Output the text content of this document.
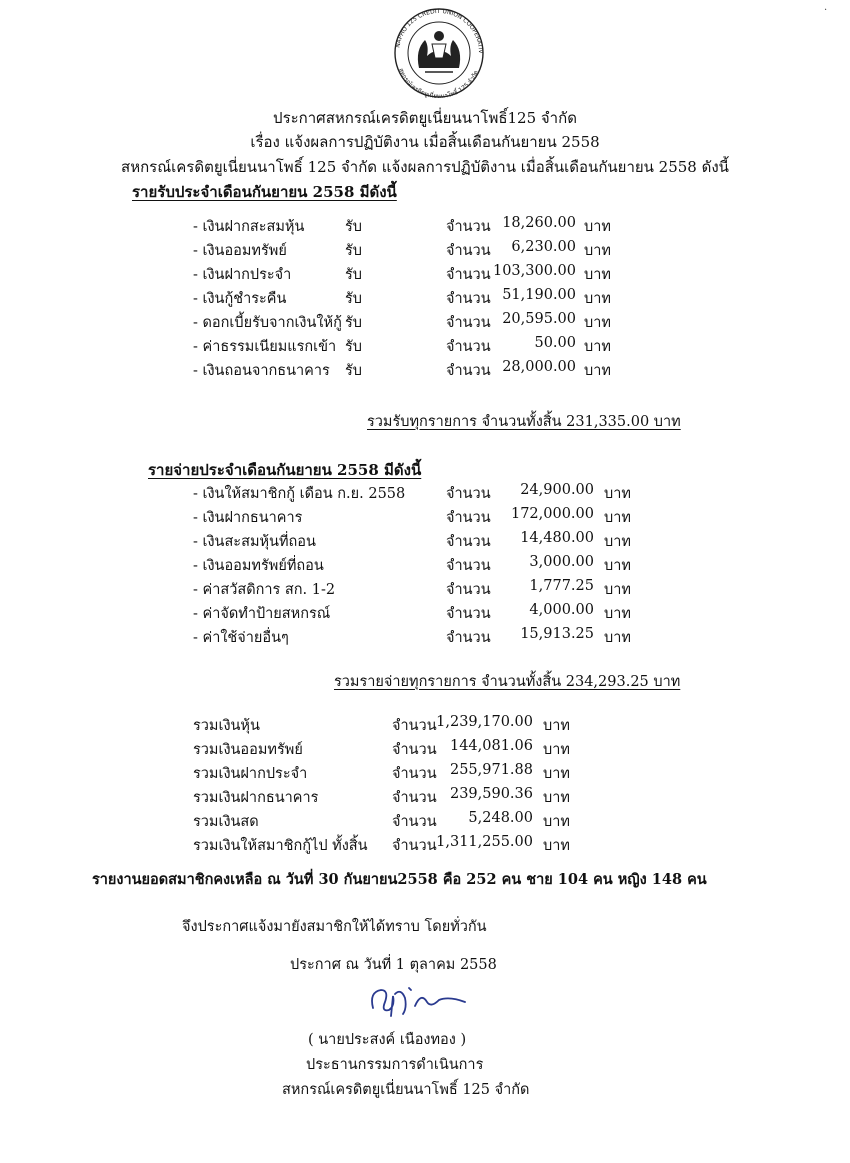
.
NAPHO 125 CREDIT UNION COOPERATIV
สหกรณ์เครดิตยูเนี่ยนนาโพธิ์ 125 จำกัด
ประกาศสหกรณ์เครดิตยูเนี่ยนนาโพธิ์125 จำกัด
เรื่อง แจ้งผลการปฏิบัติงาน เมื่อสิ้นเดือนกันยายน 2558
สหกรณ์เครดิตยูเนี่ยนนาโพธิ์ 125 จำกัด แจ้งผลการปฏิบัติงาน เมื่อสิ้นเดือนกันยายน 2558 ดังนี้
รายรับประจำเดือนกันยายน 2558 มีดังนี้
- เงินฝากสะสมหุ้น	รับ	จำนวน 18,260.00 บาท
- เงินออมทรัพย์	รับ	จำนวน	6,230.00 บาท
- เงินฝากประจำ	รับ	จำนวน 103,300.00 บาท
- เงินกู้ชำระคืน	รับ	จำนวน 51,190.00 บาท
- ดอกเบี้ยรับจากเงินให้กู้ รับ	จำนวน 20,595.00 บาท
- ค่าธรรมเนียมแรกเข้า รับ	จำนวน	50.00 บาท
- เงินถอนจากธนาคาร รับ	จำนวน 28,000.00 บาท
รวมรับทุกรายการ จำนวนทั้งสิ้น 231,335.00 บาท
รายจ่ายประจำเดือนกันยายน 2558 มีดังนี้
- เงินให้สมาชิกกู้ เดือน ก.ย. 2558	จำนวน	24,900.00 บาท
- เงินฝากธนาคาร	จำนวน	172,000.00 บาท
- เงินสะสมหุ้นที่ถอน	จำนวน	14,480.00 บาท
- เงินออมทรัพย์ที่ถอน	จำนวน	3,000.00 บาท
- ค่าสวัสดิการ สก. 1-2	จำนวน	1,777.25 บาท
- ค่าจัดทำป้ายสหกรณ์	จำนวน	4,000.00 บาท
- ค่าใช้จ่ายอื่นๆ	จำนวน	15,913.25 บาท
รวมรายจ่ายทุกรายการ จำนวนทั้งสิ้น 234,293.25 บาท
รวมเงินหุ้น	จำนวน 1,239,170.00 บาท
รวมเงินออมทรัพย์	จำนวน 144,081.06 บาท
รวมเงินฝากประจำ	จำนวน 255,971.88 บาท
รวมเงินฝากธนาคาร	จำนวน 239,590.36 บาท
รวมเงินสด	จำนวน	5,248.00 บาท
รวมเงินให้สมาชิกกู้ไป ทั้งสิ้น จำนวน 1,311,255.00 บาท
รายงานยอดสมาชิกคงเหลือ ณ วันที่ 30 กันยายน2558 คือ 252 คน ชาย 104 คน หญิง 148 คน
จึงประกาศแจ้งมายังสมาชิกให้ได้ทราบ โดยทั่วกัน
ประกาศ ณ วันที่ 1 ตุลาคม 2558
( นายประสงค์ เนืองทอง )
ประธานกรรมการดำเนินการ
สหกรณ์เครดิตยูเนี่ยนนาโพธิ์ 125 จำกัด
